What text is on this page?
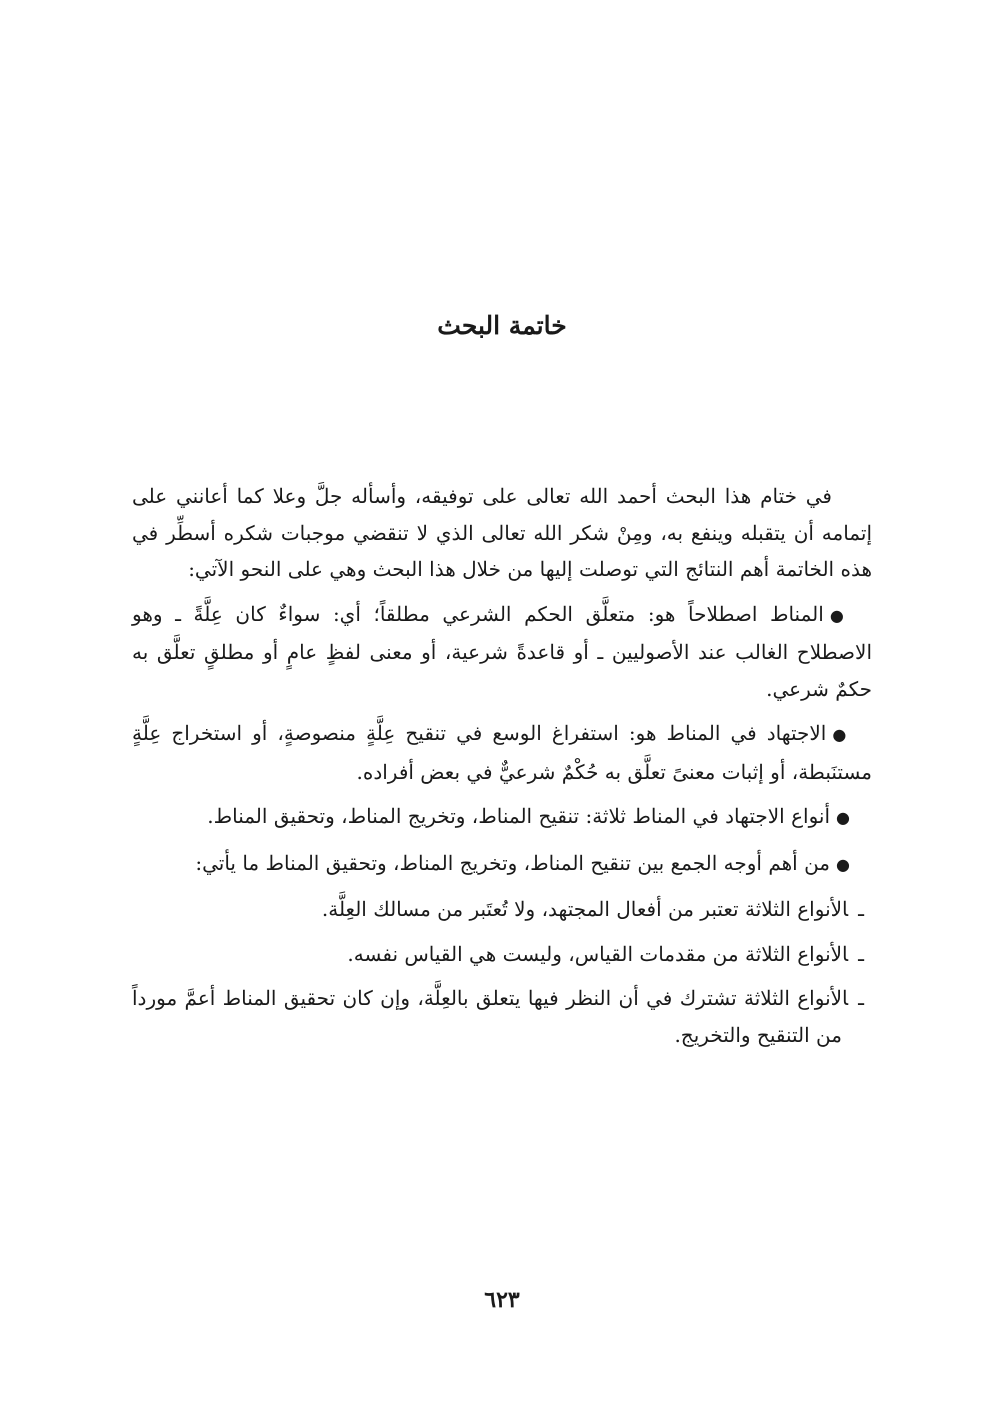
خاتمة البحث

في ختام هذا البحث أحمد الله تعالى على توفيقه، وأسأله جلَّ وعلا كما أعانني على إتمامه أن يتقبله وينفع به، ومِنْ شكر الله تعالى الذي لا تنقضي موجبات شكره أسطِّر في هذه الخاتمة أهم النتائج التي توصلت إليها من خلال هذا البحث وهي على النحو الآتي:

●المناط اصطلاحاً هو: متعلَّق الحكم الشرعي مطلقاً؛ أي: سواءٌ كان عِلَّةً ـ وهو الاصطلاح الغالب عند الأصوليين ـ أو قاعدةً شرعية، أو معنى لفظٍ عامٍ أو مطلقٍ تعلَّق به حكمٌ شرعي.

●الاجتهاد في المناط هو: استفراغ الوسع في تنقيح عِلَّةٍ منصوصةٍ، أو استخراج عِلَّةٍ مستنَبطة، أو إثبات معنىً تعلَّق به حُكْمٌ شرعيٌّ في بعض أفراده.

●أنواع الاجتهاد في المناط ثلاثة: تنقيح المناط، وتخريج المناط، وتحقيق المناط.

●من أهم أوجه الجمع بين تنقيح المناط، وتخريج المناط، وتحقيق المناط ما يأتي:

ـالأنواع الثلاثة تعتبر من أفعال المجتهد، ولا تُعتَبر من مسالك العِلَّة.

ـالأنواع الثلاثة من مقدمات القياس، وليست هي القياس نفسه.

ـالأنواع الثلاثة تشترك في أن النظر فيها يتعلق بالعِلَّة، وإن كان تحقيق المناط أعمَّ مورداً من التنقيح والتخريج.

٦٢٣
